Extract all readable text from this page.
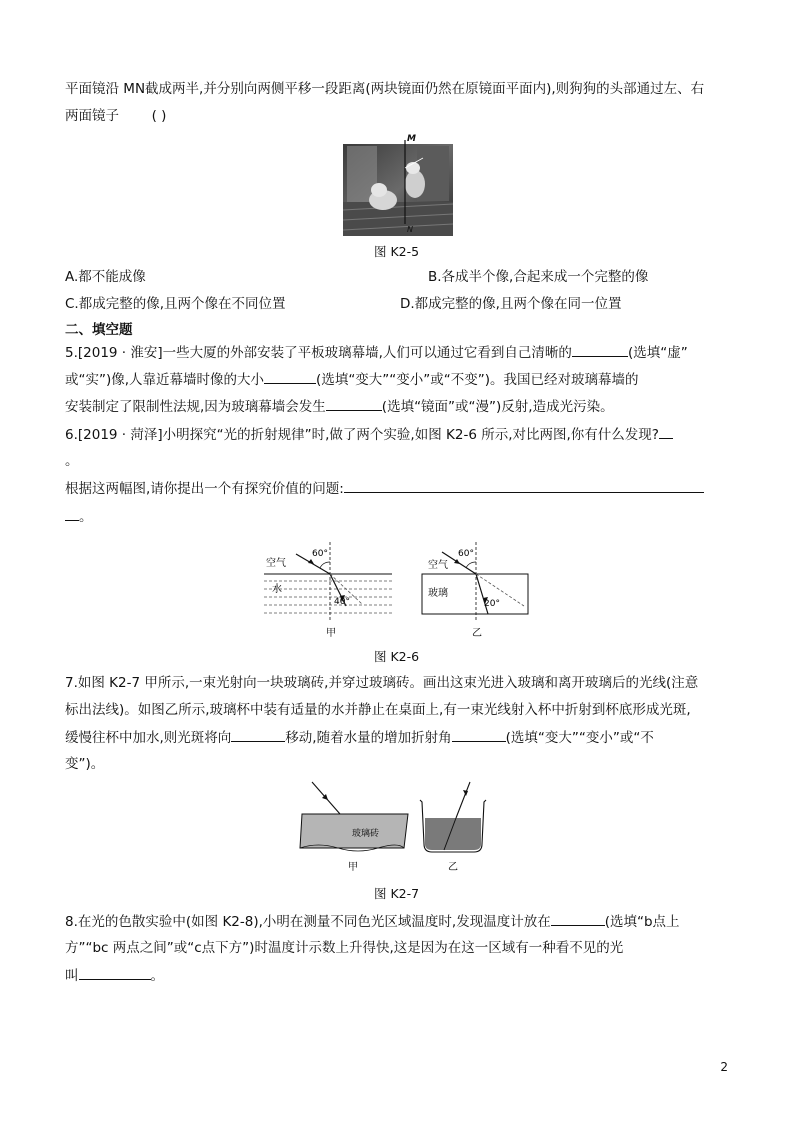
平面镜沿 MN截成两半,并分别向两侧平移一段距离(两块镜面仍然在原镜面平面内),则狗狗的头部通过左、右
两面镜子 ( )
M
N
图 K2-5
A.都不能成像	B.各成半个像,合起来成一个完整的像
C.都成完整的像,且两个像在不同位置	D.都成完整的像,且两个像在同一位置
二、填空题
5.[2019 · 淮安]一些大厦的外部安装了平板玻璃幕墙,人们可以通过它看到自己清晰的	(选填“虚”
或“实”)像,人靠近幕墙时像的大小	(选填“变大”“变小”或“不变”)。我国已经对玻璃幕墙的
安装制定了限制性法规,因为玻璃幕墙会发生	(选填“镜面”或“漫”)反射,造成光污染。
6.[2019 · 菏泽]小明探究“光的折射规律”时,做了两个实验,如图 K2-6 所示,对比两图,你有什么发现?
。
根据这两幅图,请你提出一个有探究价值的问题:
。
空气
水
60°
40°
甲
空气
玻璃
60°
20°
乙
图 K2-6
7.如图 K2-7 甲所示,一束光射向一块玻璃砖,并穿过玻璃砖。画出这束光进入玻璃和离开玻璃后的光线(注意
标出法线)。如图乙所示,玻璃杯中装有适量的水并静止在桌面上,有一束光线射入杯中折射到杯底形成光斑,
缓慢往杯中加水,则光斑将向	移动,随着水量的增加折射角	(选填“变大”“变小”或“不
变”)。
玻璃砖
甲	乙
图 K2-7
8.在光的色散实验中(如图 K2-8),小明在测量不同色光区域温度时,发现温度计放在	(选填“b点上
方”“bc 两点之间”或“c点下方”)时温度计示数上升得快,这是因为在这一区域有一种看不见的光
叫	。
2
